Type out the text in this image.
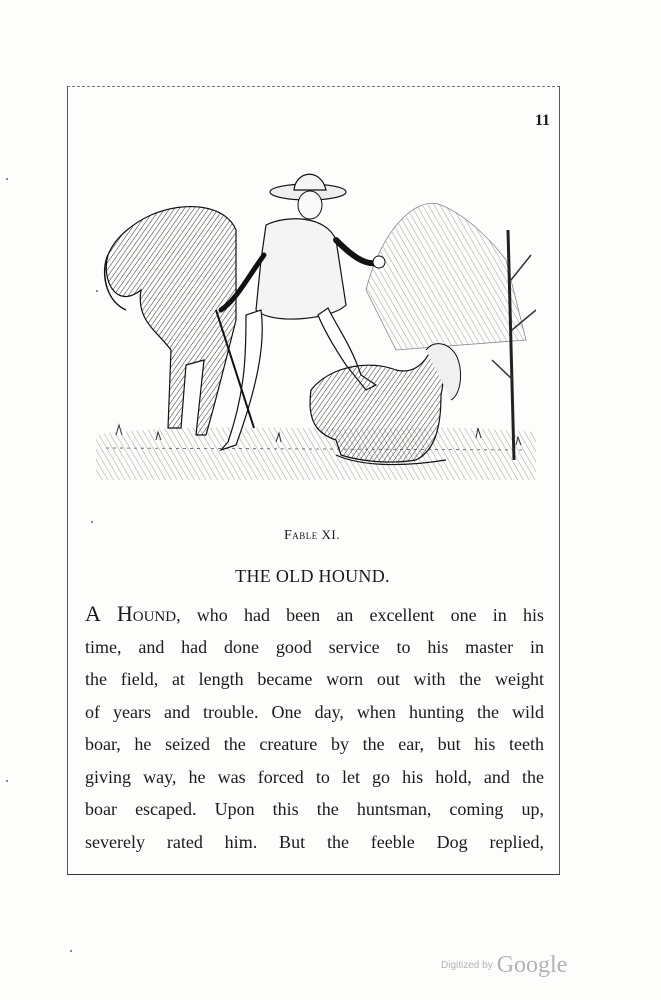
11
Fable XI.
THE OLD HOUND.
A Hound, who had been an excellent one in his
time, and had done good service to his master in
the field, at length became worn out with the weight
of years and trouble. One day, when hunting the wild
boar, he seized the creature by the ear, but his teeth
giving way, he was forced to let go his hold, and the
boar escaped. Upon this the huntsman, coming up,
severely rated him. But the feeble Dog replied,
Digitized by Google
